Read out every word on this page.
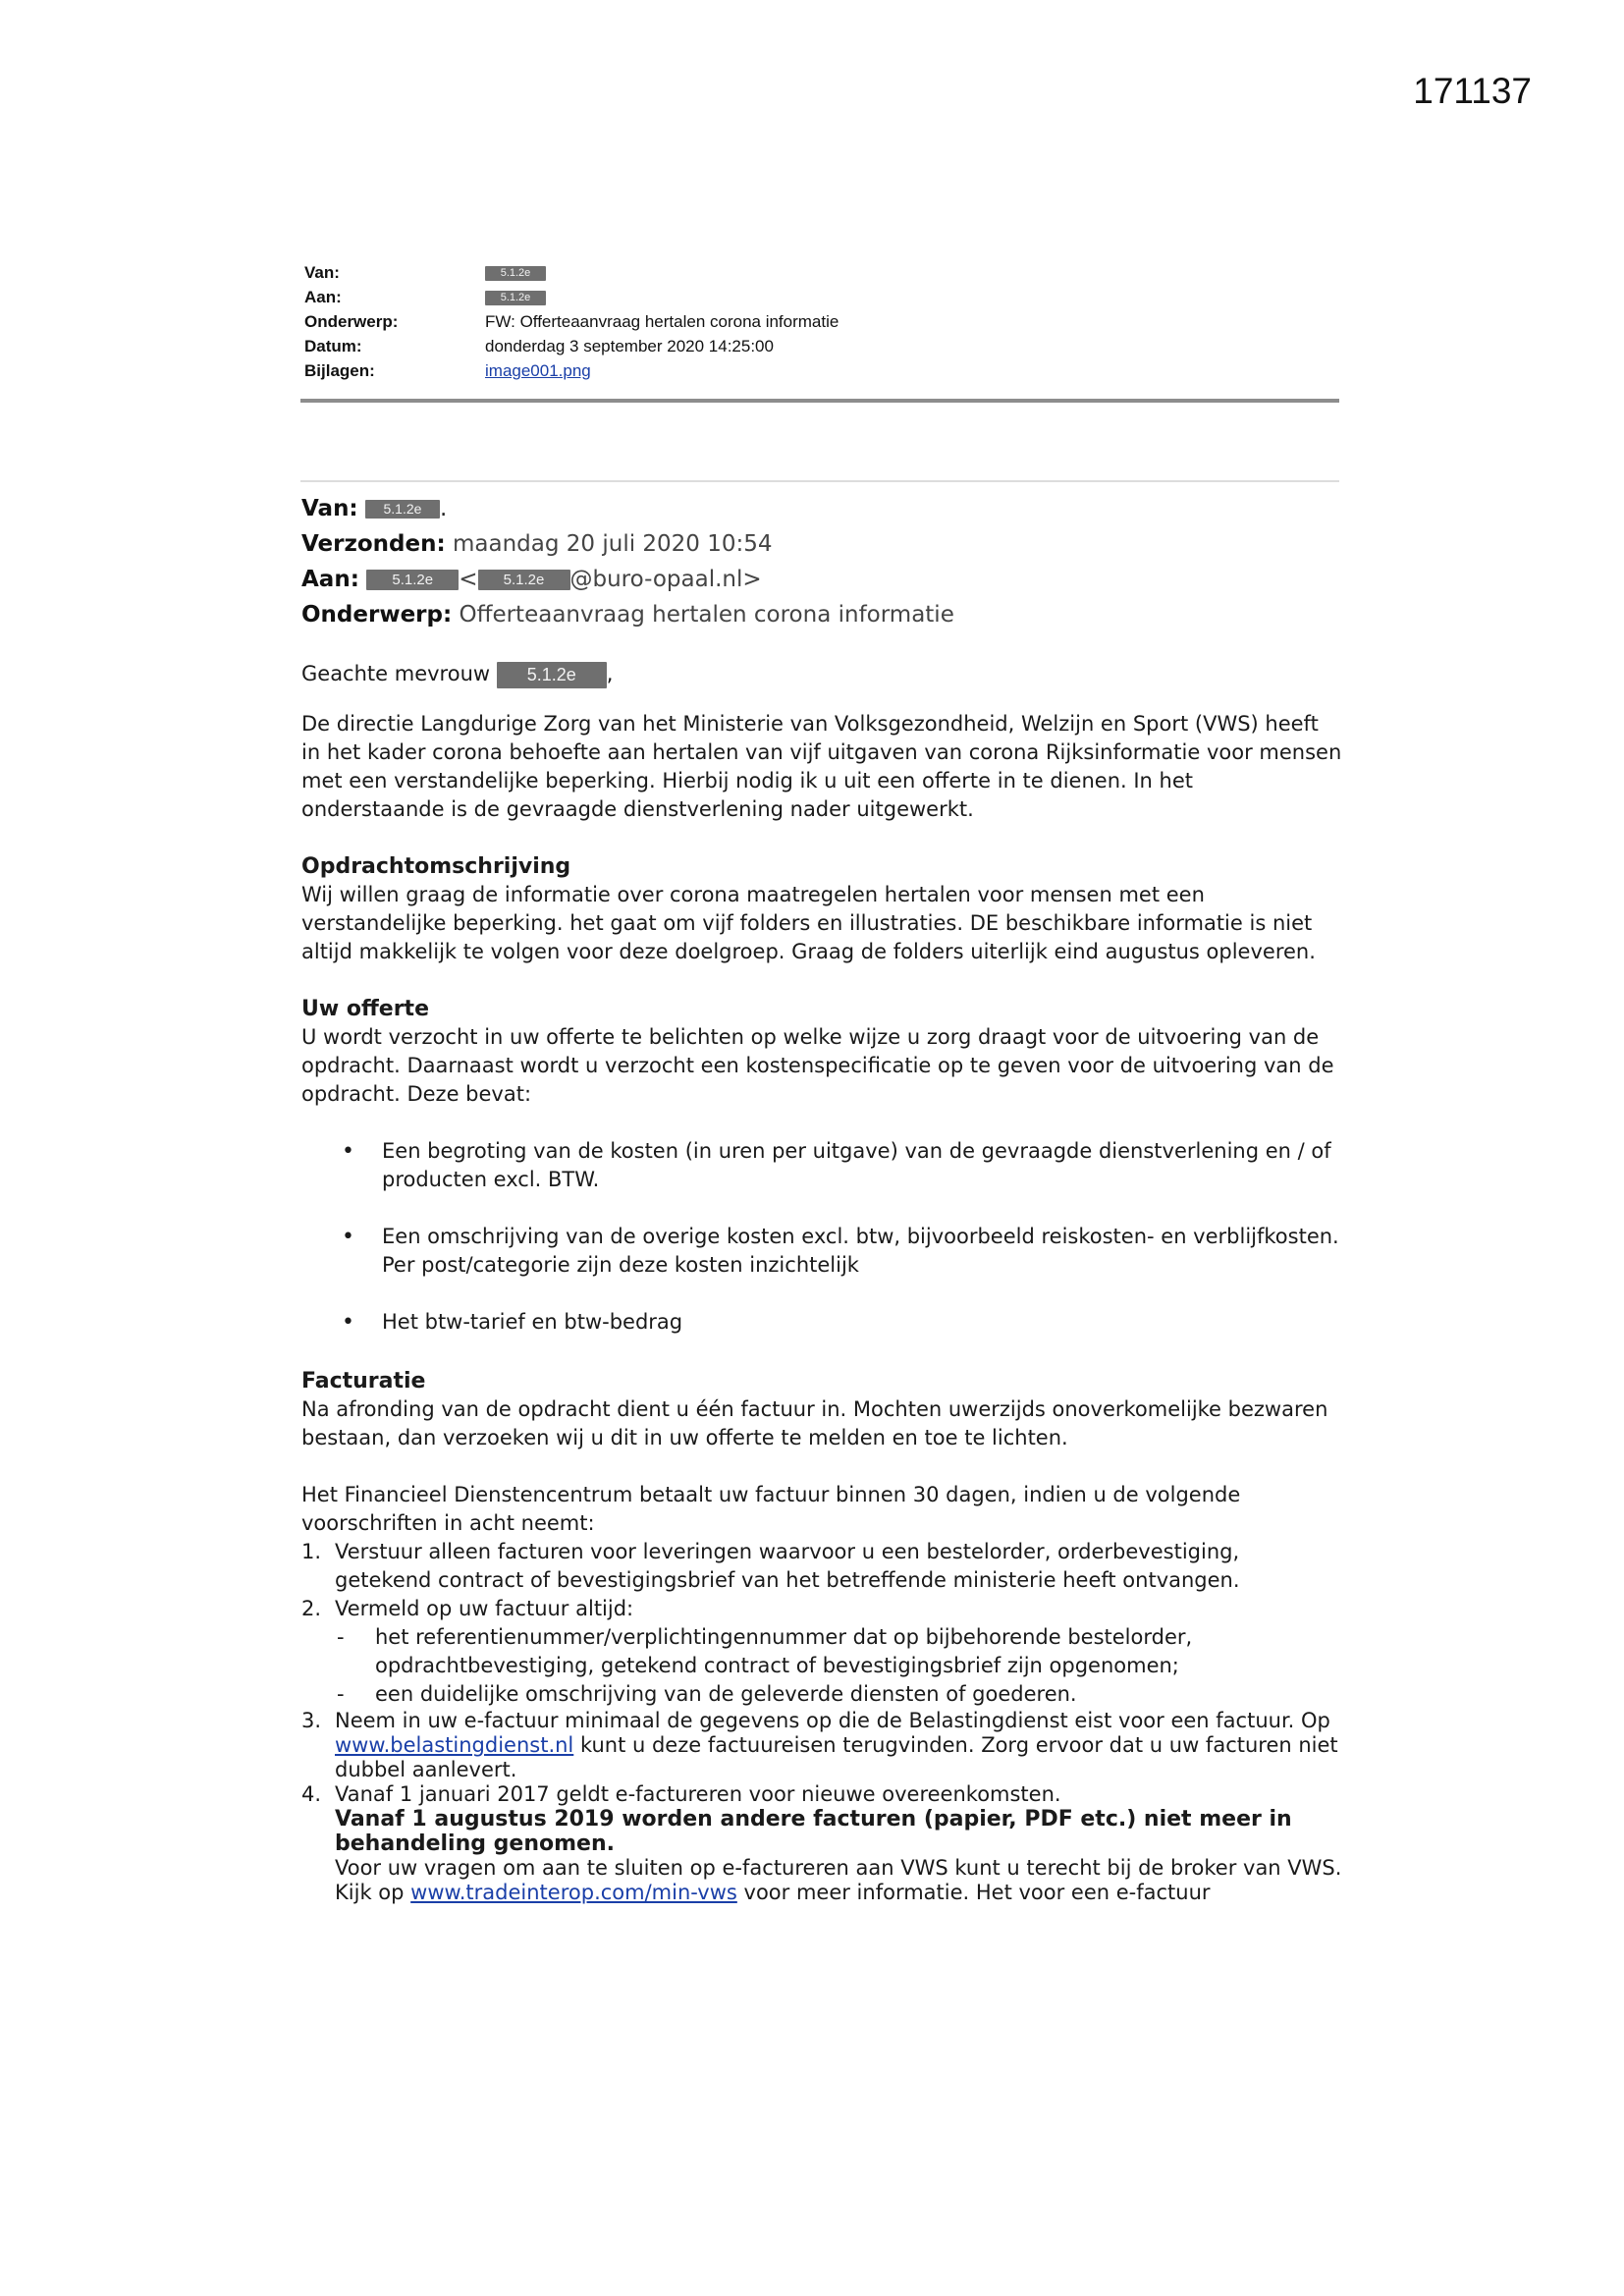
171137
Van:	5.1.2e
Aan:	5.1.2e
Onderwerp:	FW: Offerteaanvraag hertalen corona informatie
Datum:	donderdag 3 september 2020 14:25:00
Bijlagen:	image001.png
Van: 5.1.2e .
Verzonden: maandag 20 juli 2020 10:54
Aan: 5.1.2e < 5.1.2e @buro-opaal.nl>
Onderwerp: Offerteaanvraag hertalen corona informatie

Geachte mevrouw 5.1.2e ,

De directie Langdurige Zorg van het Ministerie van Volksgezondheid, Welzijn en Sport (VWS) heeft in het kader corona behoefte aan hertalen van vijf uitgaven van corona Rijksinformatie voor mensen met een verstandelijke beperking. Hierbij nodig ik u uit een offerte in te dienen. In het onderstaande is de gevraagde dienstverlening nader uitgewerkt.

Opdrachtomschrijving

Wij willen graag de informatie over corona maatregelen hertalen voor mensen met een verstandelijke beperking. het gaat om vijf folders en illustraties. DE beschikbare informatie is niet altijd makkelijk te volgen voor deze doelgroep. Graag de folders uiterlijk eind augustus opleveren.

Uw offerte

U wordt verzocht in uw offerte te belichten op welke wijze u zorg draagt voor de uitvoering van de opdracht. Daarnaast wordt u verzocht een kostenspecificatie op te geven voor de uitvoering van de opdracht. Deze bevat:

• Een begroting van de kosten (in uren per uitgave) van de gevraagde dienstverlening en / of producten excl. BTW.
• Een omschrijving van de overige kosten excl. btw, bijvoorbeeld reiskosten- en verblijfkosten. Per post/categorie zijn deze kosten inzichtelijk
• Het btw-tarief en btw-bedrag
Facturatie

Na afronding van de opdracht dient u één factuur in. Mochten uwerzijds onoverkomelijke bezwaren bestaan, dan verzoeken wij u dit in uw offerte te melden en toe te lichten.

Het Financieel Dienstencentrum betaalt uw factuur binnen 30 dagen, indien u de volgende voorschriften in acht neemt:

1. Verstuur alleen facturen voor leveringen waarvoor u een bestelorder, orderbevestiging, getekend contract of bevestigingsbrief van het betreffende ministerie heeft ontvangen.
2. Vermeld op uw factuur altijd:
- het referentienummer/verplichtingennummer dat op bijbehorende bestelorder, opdrachtbevestiging, getekend contract of bevestigingsbrief zijn opgenomen;
- een duidelijke omschrijving van de geleverde diensten of goederen.
3. Neem in uw e-factuur minimaal de gegevens op die de Belastingdienst eist voor een factuur. Op www.belastingdienst.nl kunt u deze factuureisen terugvinden. Zorg ervoor dat u uw facturen niet dubbel aanlevert.
4. Vanaf 1 januari 2017 geldt e-factureren voor nieuwe overeenkomsten.
Vanaf 1 augustus 2019 worden andere facturen (papier, PDF etc.) niet meer in behandeling genomen.
Voor uw vragen om aan te sluiten op e-factureren aan VWS kunt u terecht bij de broker van VWS. Kijk op www.tradeinterop.com/min-vws voor meer informatie. Het voor een e-factuur
